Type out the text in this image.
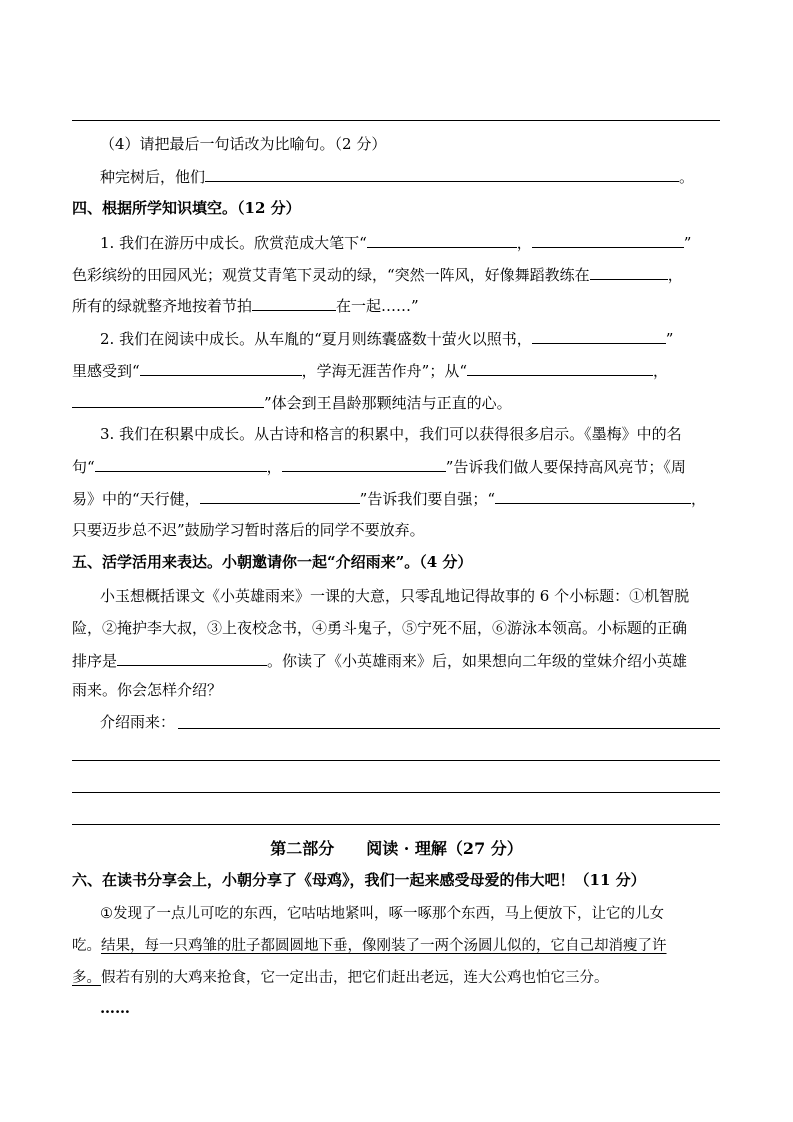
（4）请把最后一句话改为比喻句。（2 分）
种完树后，他们	。
四、根据所学知识填空。（12 分）
1. 我们在游历中成长。欣赏范成大笔下“	，	”
色彩缤纷的田园风光；观赏艾青笔下灵动的绿，“突然一阵风，好像舞蹈教练在	，
所有的绿就整齐地按着节拍	在一起……”
2. 我们在阅读中成长。从车胤的“夏月则练囊盛数十萤火以照书，	”
里感受到“	，学海无涯苦作舟”；从“	，
”体会到王昌龄那颗纯洁与正直的心。
3. 我们在积累中成长。从古诗和格言的积累中，我们可以获得很多启示。《墨梅》中的名
句“	，	”告诉我们做人要保持高风亮节；《周
易》中的“天行健，	”告诉我们要自强；“	，
只要迈步总不迟”鼓励学习暂时落后的同学不要放弃。
五、活学活用来表达。小朝邀请你一起“介绍雨来”。（4 分）
小玉想概括课文《小英雄雨来》一课的大意，只零乱地记得故事的 6 个小标题：①机智脱
险，②掩护李大叔，③上夜校念书，④勇斗鬼子，⑤宁死不屈，⑥游泳本领高。小标题的正确
排序是	。你读了《小英雄雨来》后，如果想向二年级的堂妹介绍小英雄
雨来。你会怎样介绍？
介绍雨来：
第二部分　　阅读 · 理解（27 分）
六、在读书分享会上，小朝分享了《母鸡》，我们一起来感受母爱的伟大吧！（11 分）
①发现了一点儿可吃的东西，它咕咕地紧叫，啄一啄那个东西，马上便放下，让它的儿女
吃。结果，每一只鸡雏的肚子都圆圆地下垂，像刚装了一两个汤圆儿似的，它自己却消瘦了许
多。假若有别的大鸡来抢食，它一定出击，把它们赶出老远，连大公鸡也怕它三分。
……
